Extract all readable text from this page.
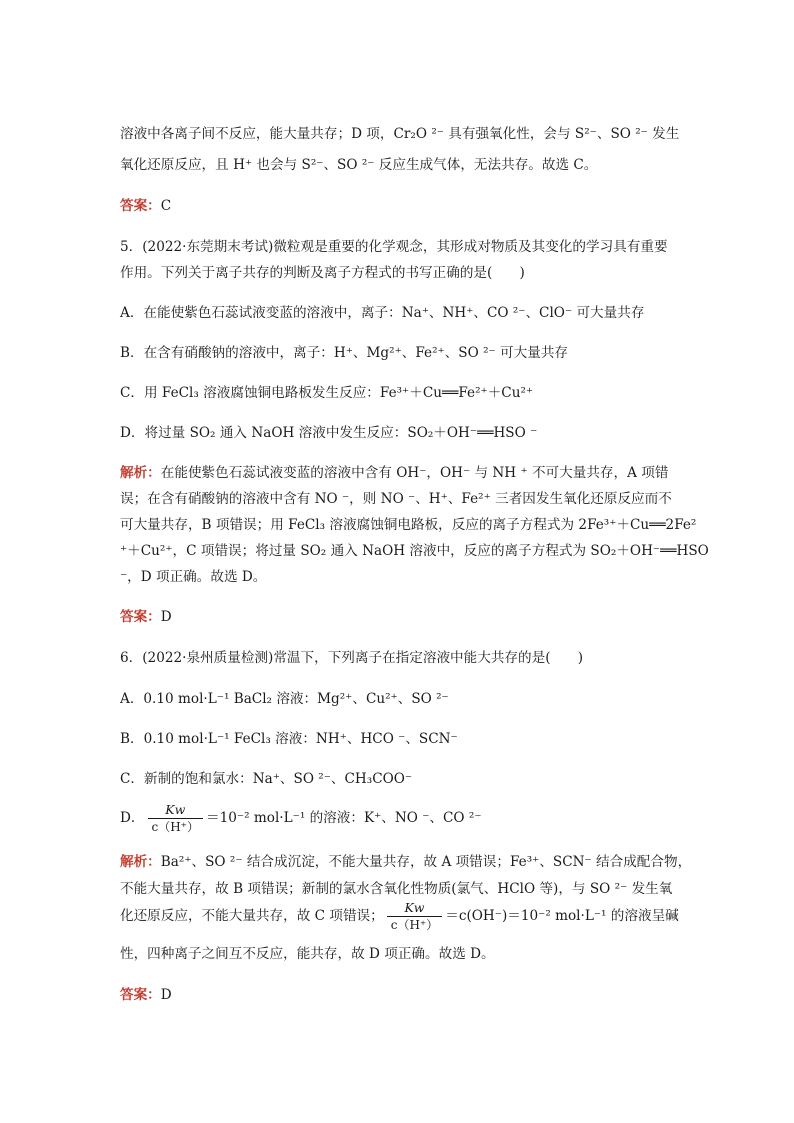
溶液中各离子间不反应，能大量共存；D 项，Cr₂O ²⁻ 具有强氧化性，会与 S²⁻、SO ²⁻ 发生
氧化还原反应，且 H⁺ 也会与 S²⁻、SO ²⁻ 反应生成气体，无法共存。故选 C。
答案：C
5．(2022·东莞期末考试)微粒观是重要的化学观念，其形成对物质及其变化的学习具有重要
作用。下列关于离子共存的判断及离子方程式的书写正确的是(　　)
A．在能使紫色石蕊试液变蓝的溶液中，离子：Na⁺、NH⁺、CO ²⁻、ClO⁻ 可大量共存
B．在含有硝酸钠的溶液中，离子：H⁺、Mg²⁺、Fe²⁺、SO ²⁻ 可大量共存
C．用 FeCl₃ 溶液腐蚀铜电路板发生反应：Fe³⁺＋Cu══Fe²⁺＋Cu²⁺
D．将过量 SO₂ 通入 NaOH 溶液中发生反应：SO₂＋OH⁻══HSO ⁻
解析：在能使紫色石蕊试液变蓝的溶液中含有 OH⁻，OH⁻ 与 NH ⁺ 不可大量共存，A 项错
误；在含有硝酸钠的溶液中含有 NO ⁻，则 NO ⁻、H⁺、Fe²⁺ 三者因发生氧化还原反应而不
可大量共存，B 项错误；用 FeCl₃ 溶液腐蚀铜电路板，反应的离子方程式为 2Fe³⁺＋Cu══2Fe²
⁺＋Cu²⁺，C 项错误；将过量 SO₂ 通入 NaOH 溶液中，反应的离子方程式为 SO₂＋OH⁻══HSO
⁻，D 项正确。故选 D。
答案：D
6．(2022·泉州质量检测)常温下，下列离子在指定溶液中能大共存的是(　　)
A．0.10 mol·L⁻¹ BaCl₂ 溶液：Mg²⁺、Cu²⁺、SO ²⁻
B．0.10 mol·L⁻¹ FeCl₃ 溶液：NH⁺、HCO ⁻、SCN⁻
C．新制的饱和氯水：Na⁺、SO ²⁻、CH₃COO⁻
D． $\frac{Kw}{c(H^+)} =10^{-2}$ mol·L⁻¹ 的溶液：K⁺、NO ⁻、CO ²⁻
解析：Ba²⁺、SO ²⁻ 结合成沉淀，不能大量共存，故 A 项错误；Fe³⁺、SCN⁻ 结合成配合物，
不能大量共存，故 B 项错误；新制的氯水含氧化性物质(氯气、HClO 等)，与 SO ²⁻ 发生氧
化还原反应，不能大量共存，故 C 项错误； $\frac{Kw}{c(H^+)} =c(OH^-)=10^{-2}$ mol·L⁻¹ 的溶液呈碱
性，四种离子之间互不反应，能共存，故 D 项正确。故选 D。
答案：D
